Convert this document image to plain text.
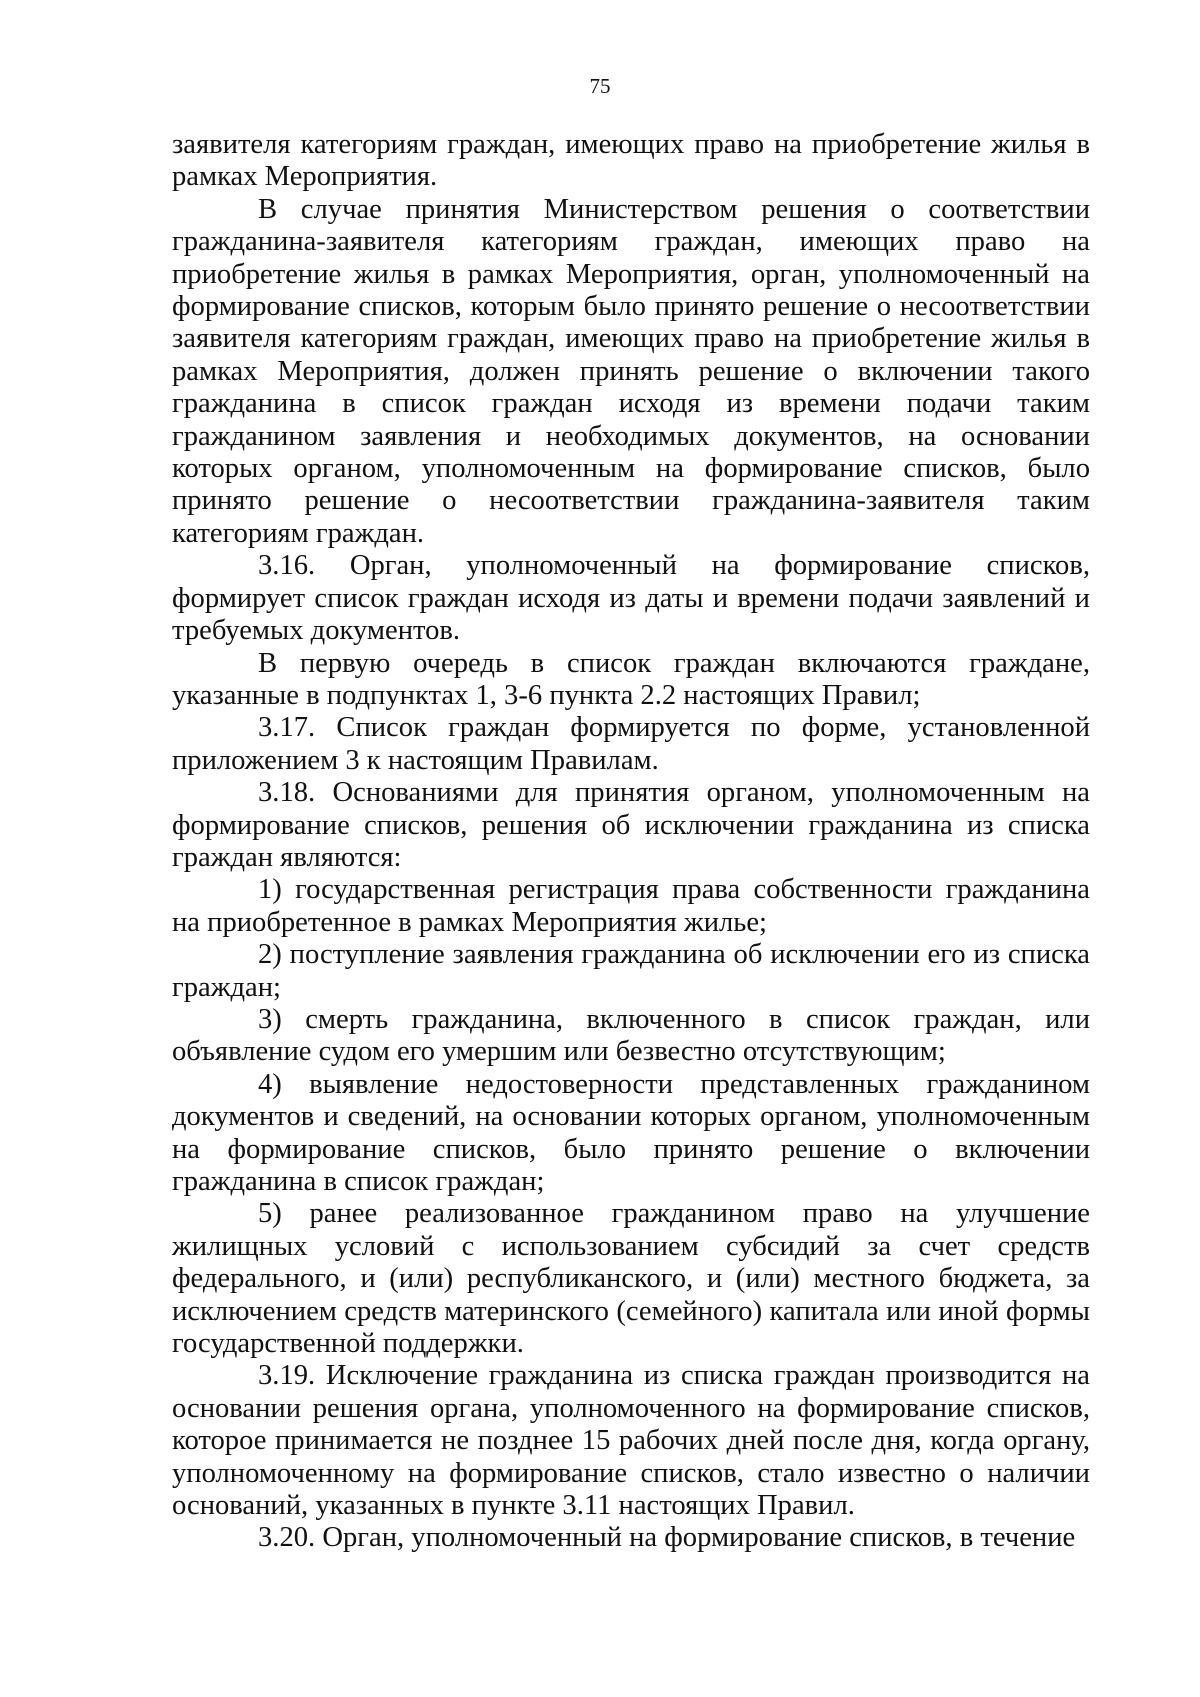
75

заявителя категориям граждан, имеющих право на приобретение жилья в рамках Мероприятия.

В случае принятия Министерством решения о соответствии гражданина-заявителя категориям граждан, имеющих право на приобретение жилья в рамках Мероприятия, орган, уполномоченный на формирование списков, которым было принято решение о несоответствии заявителя категориям граждан, имеющих право на приобретение жилья в рамках Мероприятия, должен принять решение о включении такого гражданина в список граждан исходя из времени подачи таким гражданином заявления и необходимых документов, на основании которых органом, уполномоченным на формирование списков, было принято решение о несоответствии гражданина-заявителя таким категориям граждан.

3.16. Орган, уполномоченный на формирование списков, формирует список граждан исходя из даты и времени подачи заявлений и требуемых документов.

В первую очередь в список граждан включаются граждане, указанные в подпунктах 1, 3-6 пункта 2.2 настоящих Правил;

3.17. Список граждан формируется по форме, установленной приложением 3 к настоящим Правилам.

3.18. Основаниями для принятия органом, уполномоченным на формирование списков, решения об исключении гражданина из списка граждан являются:

1) государственная регистрация права собственности гражданина на приобретенное в рамках Мероприятия жилье;

2) поступление заявления гражданина об исключении его из списка граждан;

3) смерть гражданина, включенного в список граждан, или объявление судом его умершим или безвестно отсутствующим;

4) выявление недостоверности представленных гражданином документов и сведений, на основании которых органом, уполномоченным на формирование списков, было принято решение о включении гражданина в список граждан;

5) ранее реализованное гражданином право на улучшение жилищных условий с использованием субсидий за счет средств федерального, и (или) республиканского, и (или) местного бюджета, за исключением средств материнского (семейного) капитала или иной формы государственной поддержки.

3.19. Исключение гражданина из списка граждан производится на основании решения органа, уполномоченного на формирование списков, которое принимается не позднее 15 рабочих дней после дня, когда органу, уполномоченному на формирование списков, стало известно о наличии оснований, указанных в пункте 3.11 настоящих Правил.

3.20. Орган, уполномоченный на формирование списков, в течение
